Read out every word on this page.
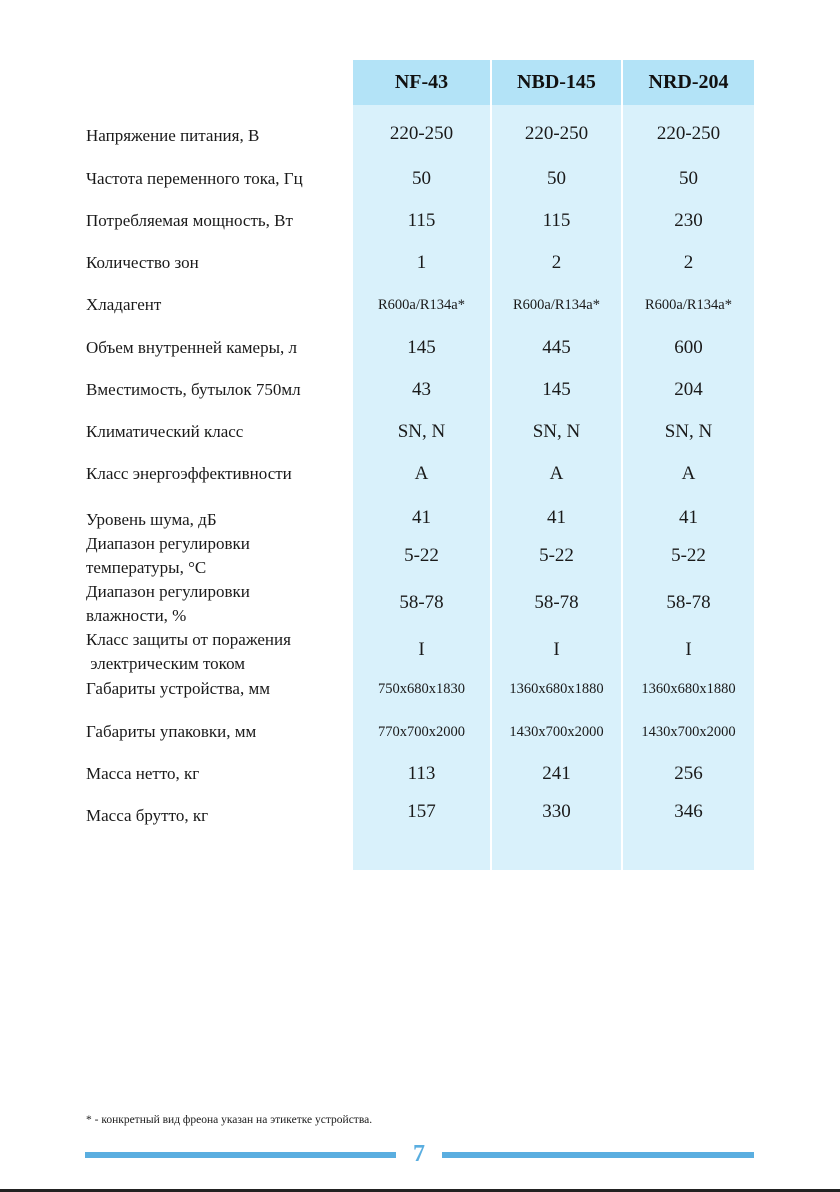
NF-43	NBD-145	NRD-204
Напряжение питания, В	220-250	220-250	220-250
Частота переменного тока, Гц	50	50	50
Потребляемая мощность, Вт	115	115	230
Количество зон	1	2	2
Хладагент	R600a/R134a*	R600a/R134a*	R600a/R134a*
Объем внутренней камеры, л	145	445	600
Вместимость, бутылок 750мл	43	145	204
Климатический класс	SN, N	SN, N	SN, N
Класс энергоэффективности	A	A	A
Уровень шума, дБ	41	41	41
Диапазон регулировки
температуры, °С
5-22	5-22	5-22
Диапазон регулировки
влажности, %
58-78	58-78	58-78
Класс защиты от поражения
электрическим током
I	I	I
Габариты устройства, мм	750x680x1830	1360x680x1880	1360x680x1880
Габариты упаковки, мм	770x700x2000	1430x700x2000	1430x700x2000
Масса нетто, кг	113	241	256
Масса брутто, кг	157	330	346
* - конкретный вид фреона указан на этикетке устройства.
7
